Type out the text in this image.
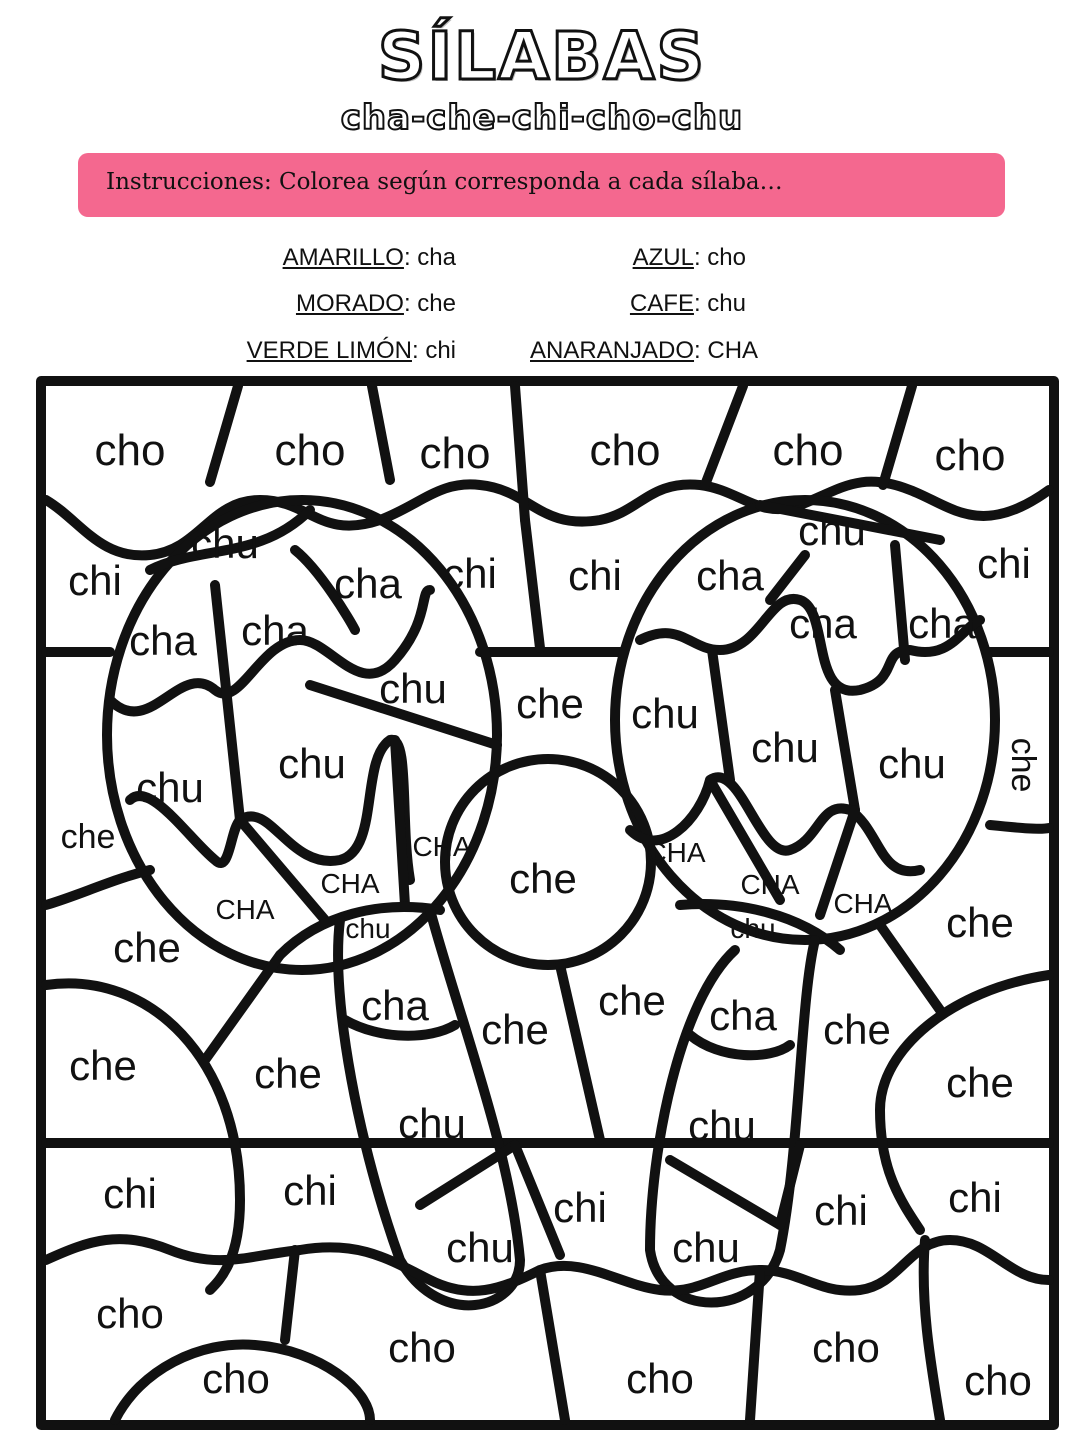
SÍLABAS
cha-che-chi-cho-chu
Instrucciones: Colorea según corresponda a cada sílaba…
AMARILLO: cha
MORADO: che
VERDE LIMÓN: chi
AZUL: cho
CAFE: chu
ANARANJADO: CHA
cho cho cho cho	cho cho
chi
chu
cha chi chi cha
chu
chi
cha cha	cha cha
chu che chu
chu
chu
chu chu che
che	CHA
CHA
CHA
che
CHA
CHA
CHA
chu	chu
che
che
cha
che
che cha che
che	che
chu	chu
che
chi	chi	chi	chi chi
chu	chu
cho
cho
cho
cho
cho
cho
